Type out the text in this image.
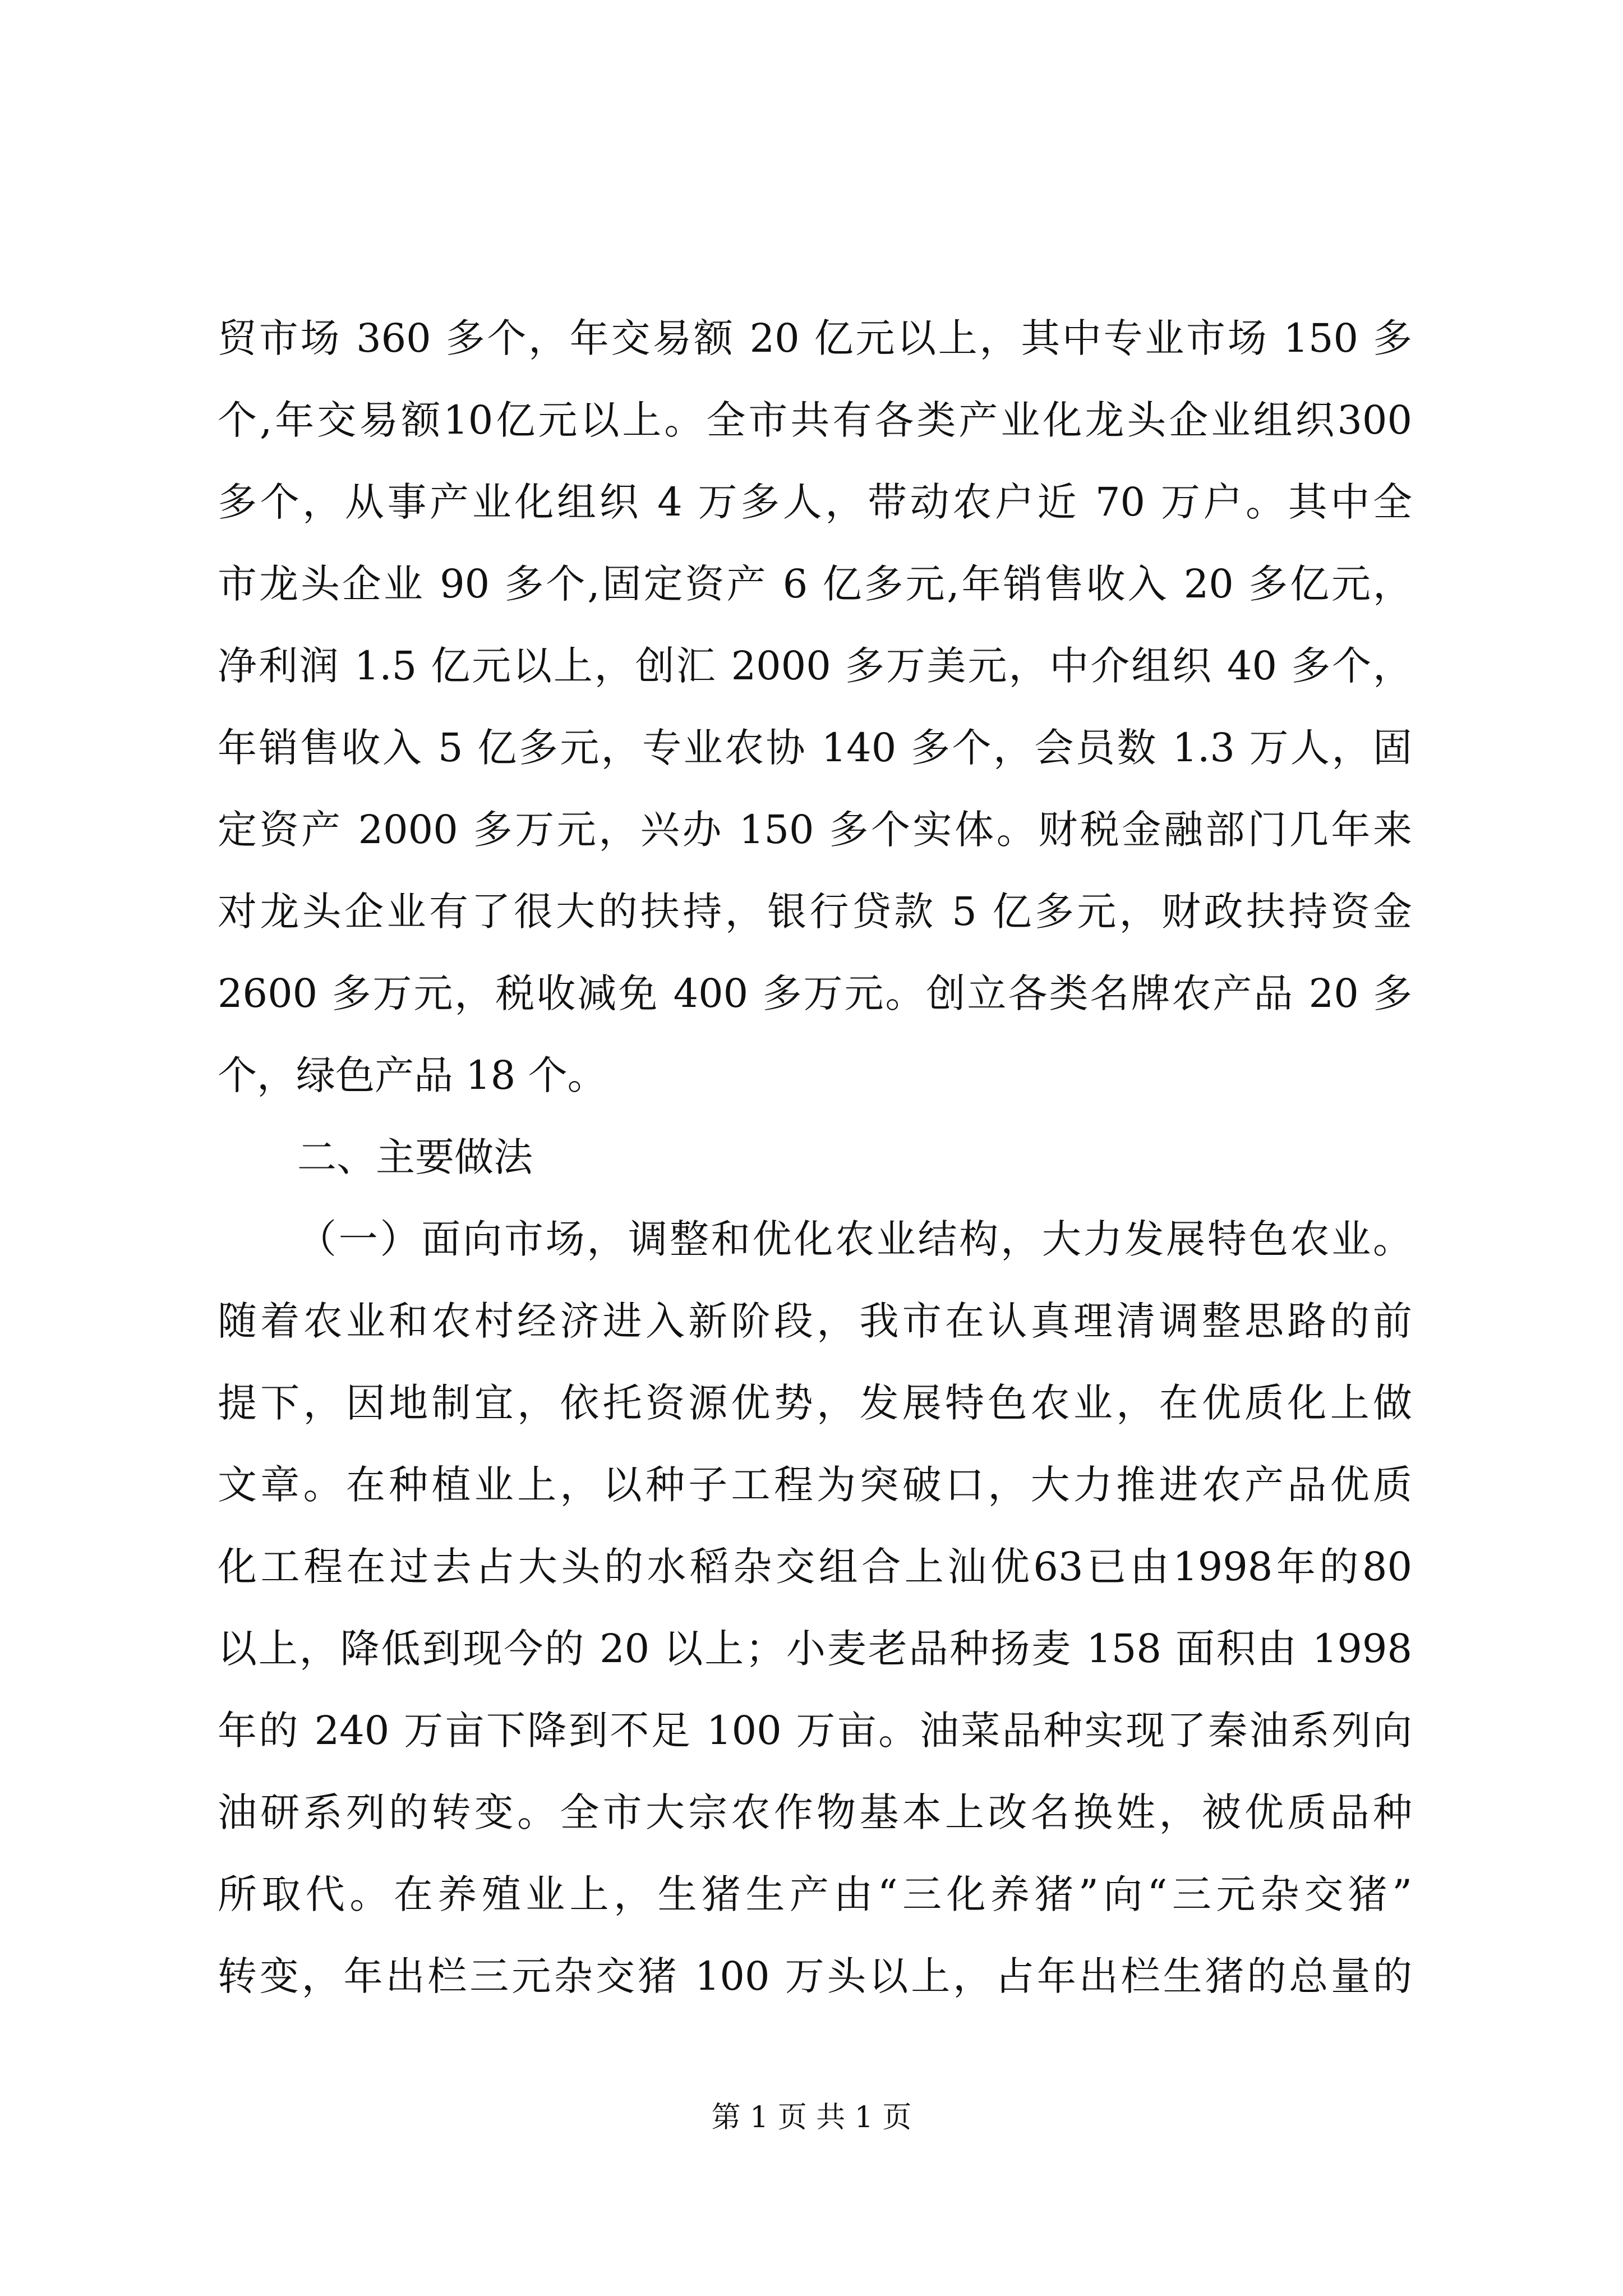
贸市场 360 多个，年交易额 20 亿元以上，其中专业市场 150 多
个,年交易额10亿元以上。全市共有各类产业化龙头企业组织300
多个，从事产业化组织 4 万多人，带动农户近 70 万户。其中全
市龙头企业 90 多个,固定资产 6 亿多元,年销售收入 20 多亿元，
净利润 1.5 亿元以上，创汇 2000 多万美元，中介组织 40 多个，
年销售收入 5 亿多元，专业农协 140 多个，会员数 1.3 万人，固
定资产 2000 多万元，兴办 150 多个实体。财税金融部门几年来
对龙头企业有了很大的扶持，银行贷款 5 亿多元，财政扶持资金
2600 多万元，税收减免 400 多万元。创立各类名牌农产品 20 多
个，绿色产品 18 个。
二、主要做法
（一）面向市场，调整和优化农业结构，大力发展特色农业。
随着农业和农村经济进入新阶段，我市在认真理清调整思路的前
提下，因地制宜，依托资源优势，发展特色农业，在优质化上做
文章。在种植业上，以种子工程为突破口，大力推进农产品优质
化工程在过去占大头的水稻杂交组合上汕优63已由1998年的80
以上，降低到现今的 20 以上；小麦老品种扬麦 158 面积由 1998
年的 240 万亩下降到不足 100 万亩。油菜品种实现了秦油系列向
油研系列的转变。全市大宗农作物基本上改名换姓，被优质品种
所取代。在养殖业上，生猪生产由“三化养猪”向“三元杂交猪”
转变，年出栏三元杂交猪 100 万头以上，占年出栏生猪的总量的
第 1 页 共 1 页
